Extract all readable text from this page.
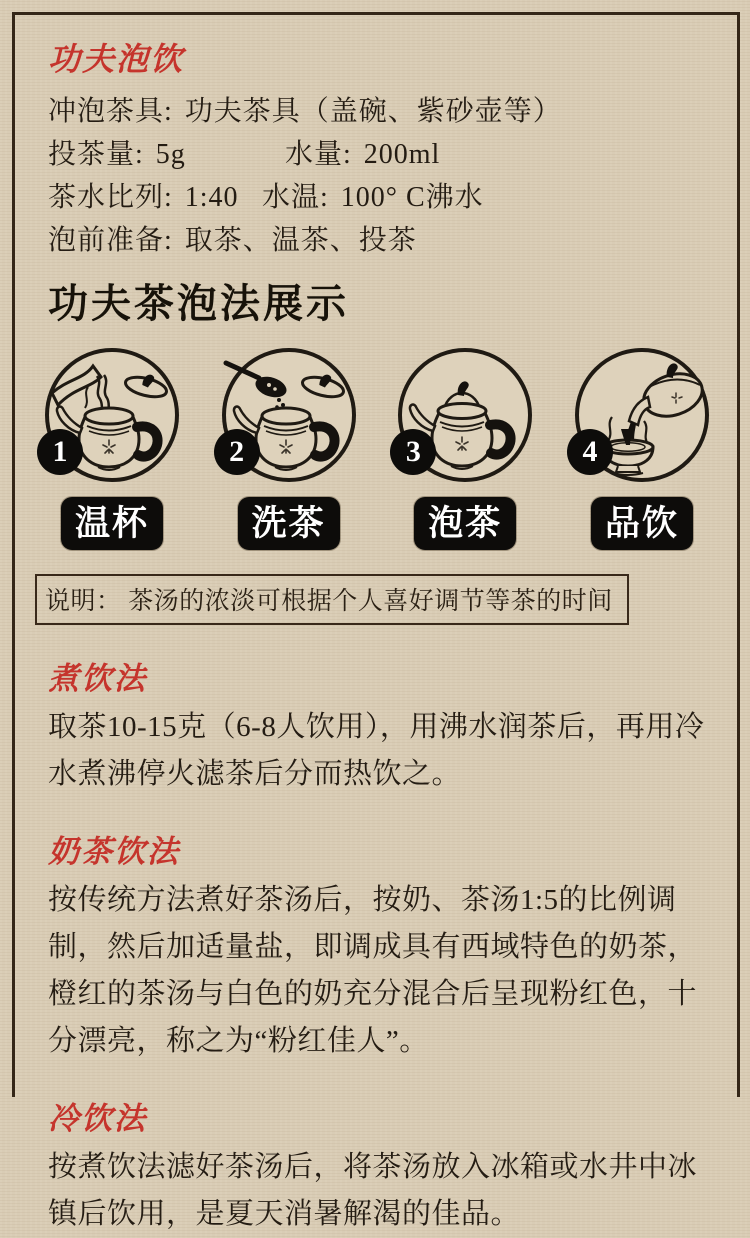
功夫泡饮
冲泡茶具: 功夫茶具（盖碗、紫砂壶等）
投茶量: 5g	水量: 200ml
茶水比列: 1:40 水温: 100° C沸水
泡前准备: 取茶、温茶、投茶
功夫茶泡法展示
1
温杯
2
洗茶
3
泡茶
4
品饮
说明： 茶汤的浓淡可根据个人喜好调节等茶的时间
煮饮法
取茶10-15克（6-8人饮用），用沸水润茶后，再用冷水煮沸停火滤茶后分而热饮之。
奶茶饮法
按传统方法煮好茶汤后，按奶、茶汤1:5的比例调制，然后加适量盐，即调成具有西域特色的奶茶，橙红的茶汤与白色的奶充分混合后呈现粉红色，十分漂亮，称之为“粉红佳人”。
冷饮法
按煮饮法滤好茶汤后，将茶汤放入冰箱或水井中冰镇后饮用，是夏天消暑解渴的佳品。
